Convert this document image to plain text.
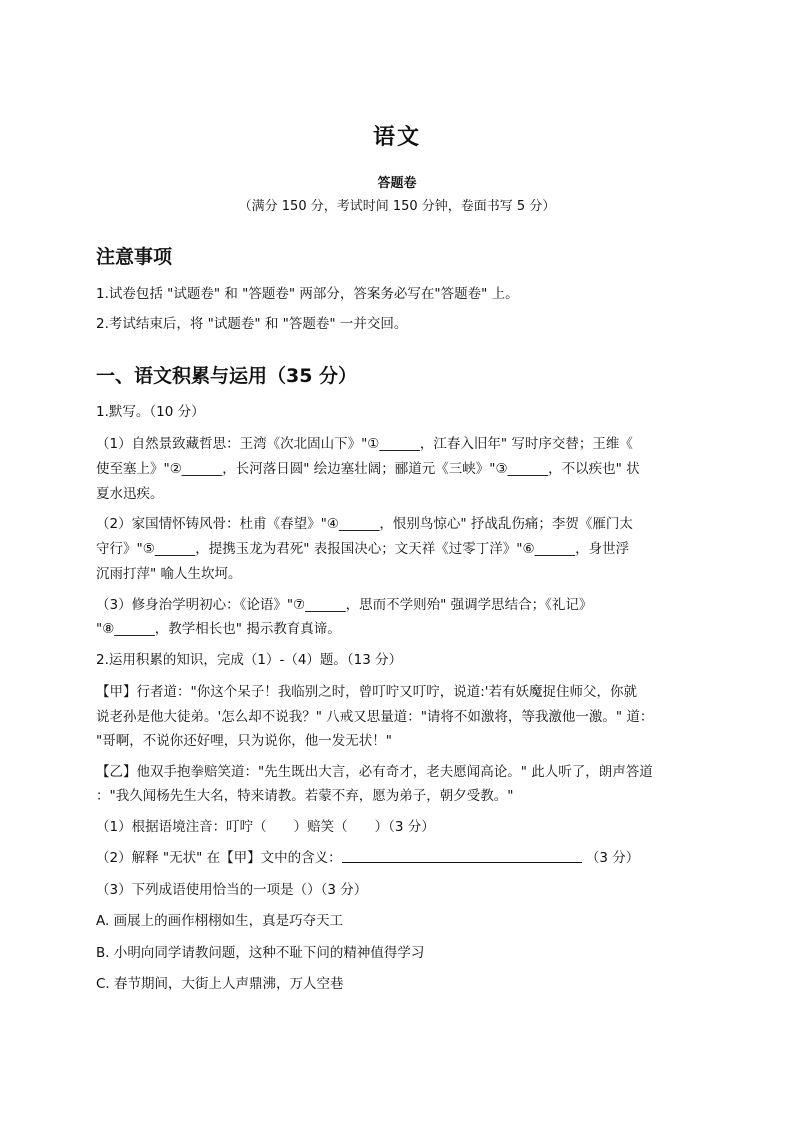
语文
答题卷
（满分 150 分，考试时间 150 分钟，卷面书写 5 分）
注意事项
1.试卷包括 "试题卷" 和 "答题卷" 两部分，答案务必写在"答题卷" 上。
2.考试结束后，将 "试题卷" 和 "答题卷" 一并交回。
一、语文积累与运用（35 分）
1.默写。（10 分）
（1）自然景致藏哲思：王湾《次北固山下》"①______，江春入旧年" 写时序交替；王维《
使至塞上》"②______，长河落日圆" 绘边塞壮阔；郦道元《三峡》"③______，不以疾也" 状
夏水迅疾。
（2）家国情怀铸风骨：杜甫《春望》"④______，恨别鸟惊心" 抒战乱伤痛；李贺《雁门太
守行》"⑤______，提携玉龙为君死" 表报国决心；文天祥《过零丁洋》"⑥______，身世浮
沉雨打萍" 喻人生坎坷。
（3）修身治学明初心：《论语》"⑦______，思而不学则殆" 强调学思结合；《礼记》
"⑧______，教学相长也" 揭示教育真谛。
2.运用积累的知识，完成（1）-（4）题。（13 分）
【甲】行者道："你这个呆子！我临别之时，曾叮咛又叮咛，说道:'若有妖魔捉住师父，你就
说老孙是他大徒弟。'怎么却不说我？" 八戒又思量道："请将不如激将，等我激他一激。" 道：
"哥啊，不说你还好哩，只为说你，他一发无状！"
【乙】他双手抱拳赔笑道："先生既出大言，必有奇才，老夫愿闻高论。" 此人听了，朗声答道
："我久闻杨先生大名，特来请教。若蒙不弃，愿为弟子，朝夕受教。"
（1）根据语境注音：叮咛（　　）赔笑（　　）（3 分）
（2）解释 "无状" 在【甲】文中的含义：	（3 分）
（3）下列成语使用恰当的一项是（）（3 分）
A. 画展上的画作栩栩如生，真是巧夺天工
B. 小明向同学请教问题，这种不耻下问的精神值得学习
C. 春节期间，大街上人声鼎沸，万人空巷
